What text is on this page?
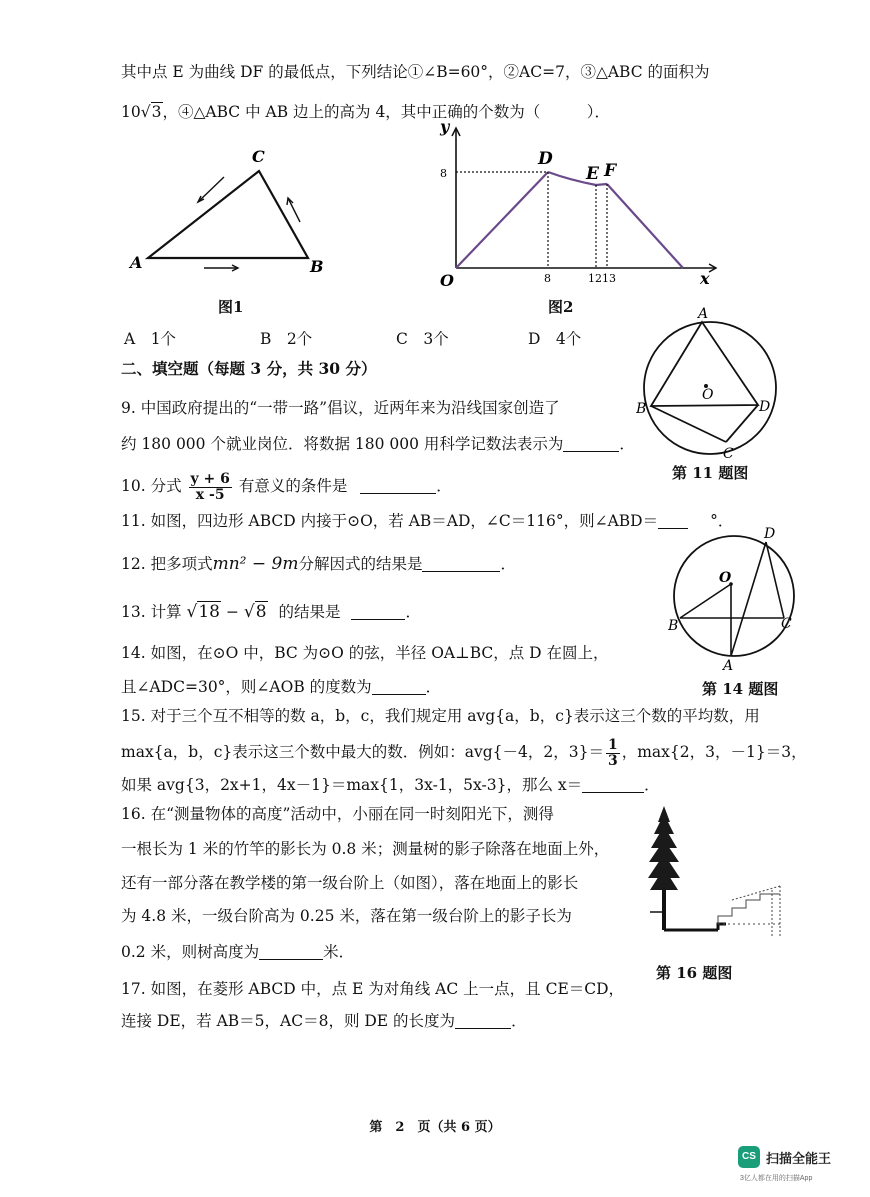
其中点 E 为曲线 DF 的最低点，下列结论①∠B=60°，②AC=7，③△ABC 的面积为
10√3，④△ABC 中 AB 边上的高为 4，其中正确的个数为（　　　）．
A	B
C
图1
y
x
O
D
E F
8
8	12 13
图2
A　1个	B　2个	C　3个	D　4个
二、填空题（每题 3 分，共 30 分）
A
B
C
D
O
第 11 题图
9. 中国政府提出的“一带一路”倡议，近两年来为沿线国家创造了
约 180 000 个就业岗位．将数据 180 000 用科学记数法表示为	．
10. 分式 $\frac{y + 6}{x -5}$ 有意义的条件是	．
11. 如图，四边形 ABCD 内接于⊙O，若 AB＝AD，∠C＝116°，则∠ABD＝	°．
O
B	C
A
D
第 14 题图
12. 把多项式mn² − 9m分解因式的结果是	．
13. 计算 √18 − √8 的结果是	．
14. 如图，在⊙O 中，BC 为⊙O 的弦，半径 OA⊥BC，点 D 在圆上，
且∠ADC=30°，则∠AOB 的度数为	．
15. 对于三个互不相等的数 a，b，c，我们规定用 avg{a，b，c}表示这三个数的平均数，用
max{a，b，c}表示这三个数中最大的数．例如：avg{－4，2，$3\}= \frac{1}{3}$ ，max{2，3，－1}＝3，
如果 avg{3，2x+1，4x－1}＝max{1，3x-1，5x-3}，那么 x＝	．
16. 在“测量物体的高度”活动中，小丽在同一时刻阳光下，测得
一根长为 1 米的竹竿的影长为 0.8 米；测量树的影子除落在地面上外，
还有一部分落在教学楼的第一级台阶上（如图），落在地面上的影长
为 4.8 米，一级台阶高为 0.25 米，落在第一级台阶上的影子长为
0.2 米，则树高度为	米．
第 16 题图
17. 如图，在菱形 ABCD 中，点 E 为对角线 AC 上一点，且 CE＝CD，
连接 DE，若 AB＝5，AC＝8，则 DE 的长度为	．
第　2　页（共 6 页）
CS 扫描全能王
3亿人都在用的扫描App
